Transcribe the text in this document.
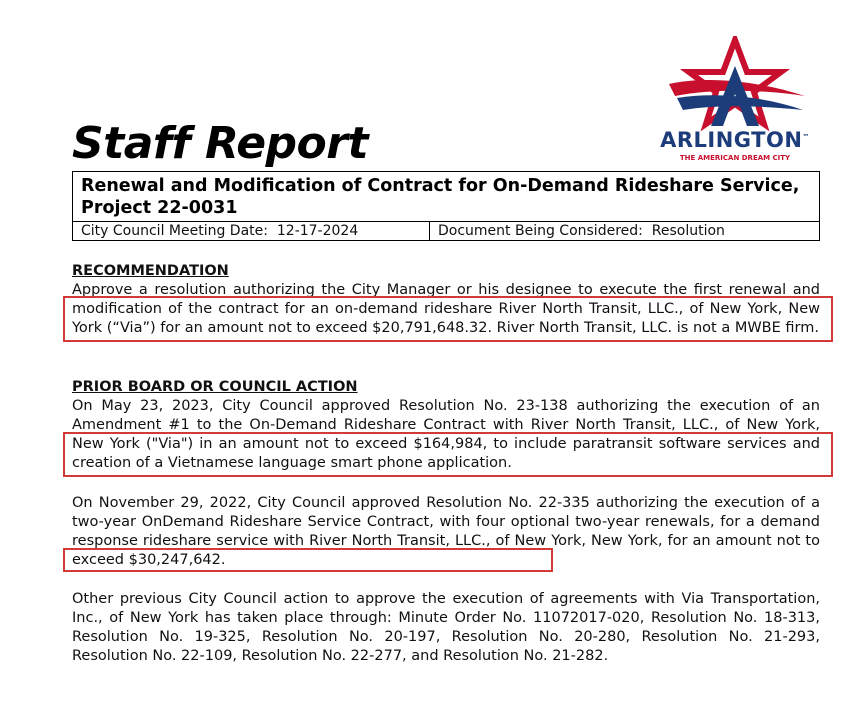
Staff Report	ARLINGTON™
THE AMERICAN DREAM CITY
Renewal and Modification of Contract for On-Demand Rideshare Service, Project 22-0031
City Council Meeting Date:  12-17-2024	Document Being Considered:  Resolution
RECOMMENDATION

Approve a resolution authorizing the City Manager or his designee to execute the first renewal and modification of the contract for an on-demand rideshare River North Transit, LLC., of New York, New York (“Via”) for an amount not to exceed $20,791,648.32. River North Transit, LLC. is not a MWBE firm.

PRIOR BOARD OR COUNCIL ACTION

On May 23, 2023, City Council approved Resolution No. 23-138 authorizing the execution of an Amendment #1 to the On-Demand Rideshare Contract with River North Transit, LLC., of New York, New York ("Via") in an amount not to exceed $164,984, to include paratransit software services and creation of a Vietnamese language smart phone application.

On November 29, 2022, City Council approved Resolution No. 22-335 authorizing the execution of a two-year OnDemand Rideshare Service Contract, with four optional two-year renewals, for a demand response rideshare service with River North Transit, LLC., of New York, New York, for an amount not to exceed $30,247,642.

Other previous City Council action to approve the execution of agreements with Via Transportation, Inc., of New York has taken place through: Minute Order No. 11072017-020, Resolution No. 18-313, Resolution No. 19-325, Resolution No. 20-197, Resolution No. 20-280, Resolution No. 21-293, Resolution No. 22-109, Resolution No. 22-277, and Resolution No. 21-282.
